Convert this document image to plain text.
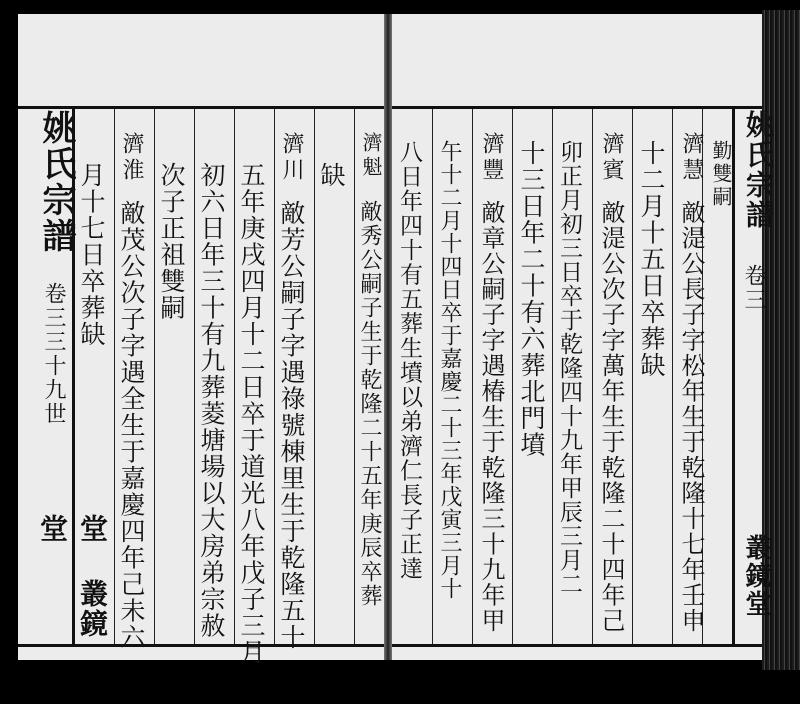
姚氏宗譜
卷三三十九世
堂 叢鏡堂
月十七日卒葬缺
濟淮
敵茂公次子字遇全生于嘉慶四年己未六 次子正祖雙嗣 初六日年三十有九葬菱塘場以大房弟宗赦 五年庚戌四月十二日卒于道光八年戊子三月
濟川
敵芳公嗣子字遇祿號棟里生于乾隆五十
缺 濟魁
敵秀公嗣子生于乾隆二十五年庚辰卒葬
姚氏宗譜
卷三
叢鏡堂
八日年四十有五葬生墳以弟濟仁長子正達 午十二月十四日卒于嘉慶二十三年戊寅三月十 濟豐
敵章公嗣子字遇椿生于乾隆三十九年甲 十三日年二十有六葬北門墳 卯正月初三日卒于乾隆四十九年甲辰三月二 濟賓
敵湜公次子字萬年生于乾隆二十四年己 十二月十五日卒葬缺 濟慧
敵湜公長子字松年生于乾隆十七年壬申
勤雙嗣
